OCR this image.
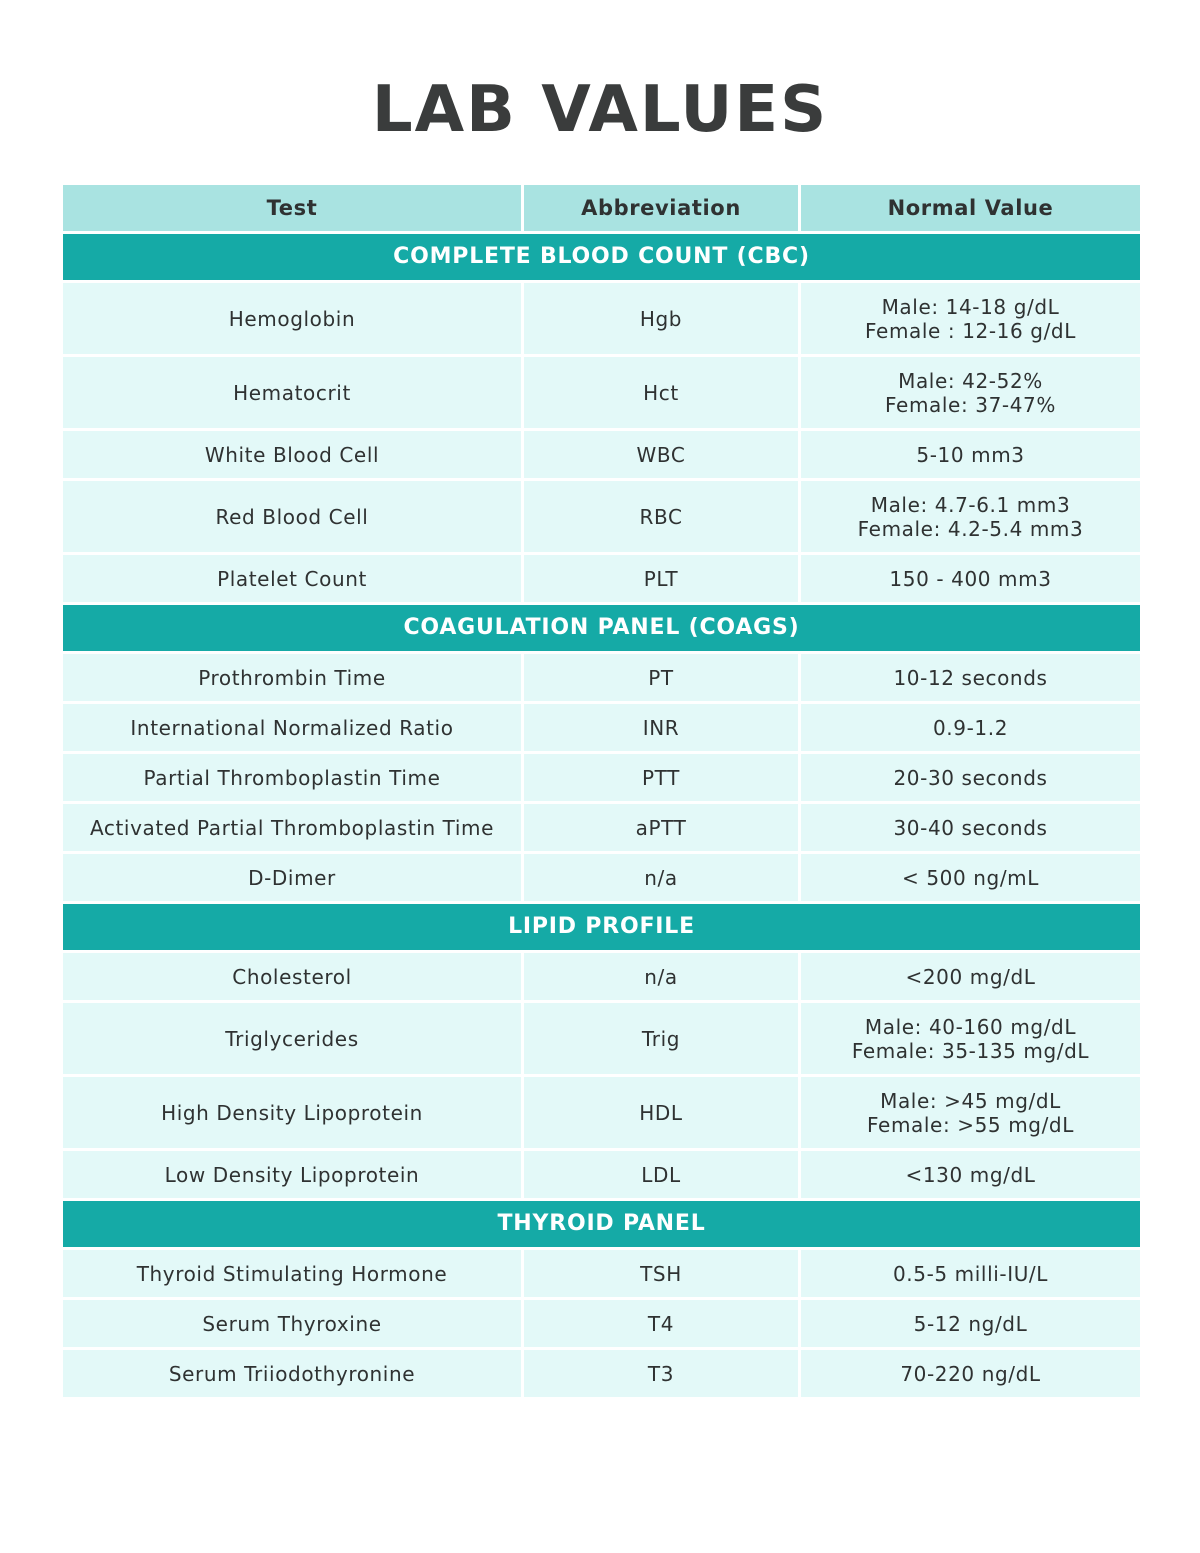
LAB VALUES
Test	Abbreviation	Normal Value
COMPLETE BLOOD COUNT (CBC)		
Hemoglobin	Hgb	Male: 14-18 g/dL
Female : 12-16 g/dL

Hematocrit	Hct	Male: 42-52%
Female: 37-47%

White Blood Cell	WBC	5-10 mm3

Red Blood Cell	RBC	Male: 4.7-6.1 mm3
Female: 4.2-5.4 mm3

Platelet Count	PLT	150 - 400 mm3

COAGULATION PANEL (COAGS)		
Prothrombin Time	PT	10-12 seconds

International Normalized Ratio	INR	0.9-1.2

Partial Thromboplastin Time	PTT	20-30 seconds

Activated Partial Thromboplastin Time	aPTT	30-40 seconds

D-Dimer	n/a	< 500 ng/mL

LIPID PROFILE		
Cholesterol	n/a	<200 mg/dL

Triglycerides	Trig	Male: 40-160 mg/dL
Female: 35-135 mg/dL

High Density Lipoprotein	HDL	Male: >45 mg/dL
Female: >55 mg/dL

Low Density Lipoprotein	LDL	<130 mg/dL

THYROID PANEL		
Thyroid Stimulating Hormone	TSH	0.5-5 milli-IU/L

Serum Thyroxine	T4	5-12 ng/dL

Serum Triiodothyronine	T3	70-220 ng/dL
